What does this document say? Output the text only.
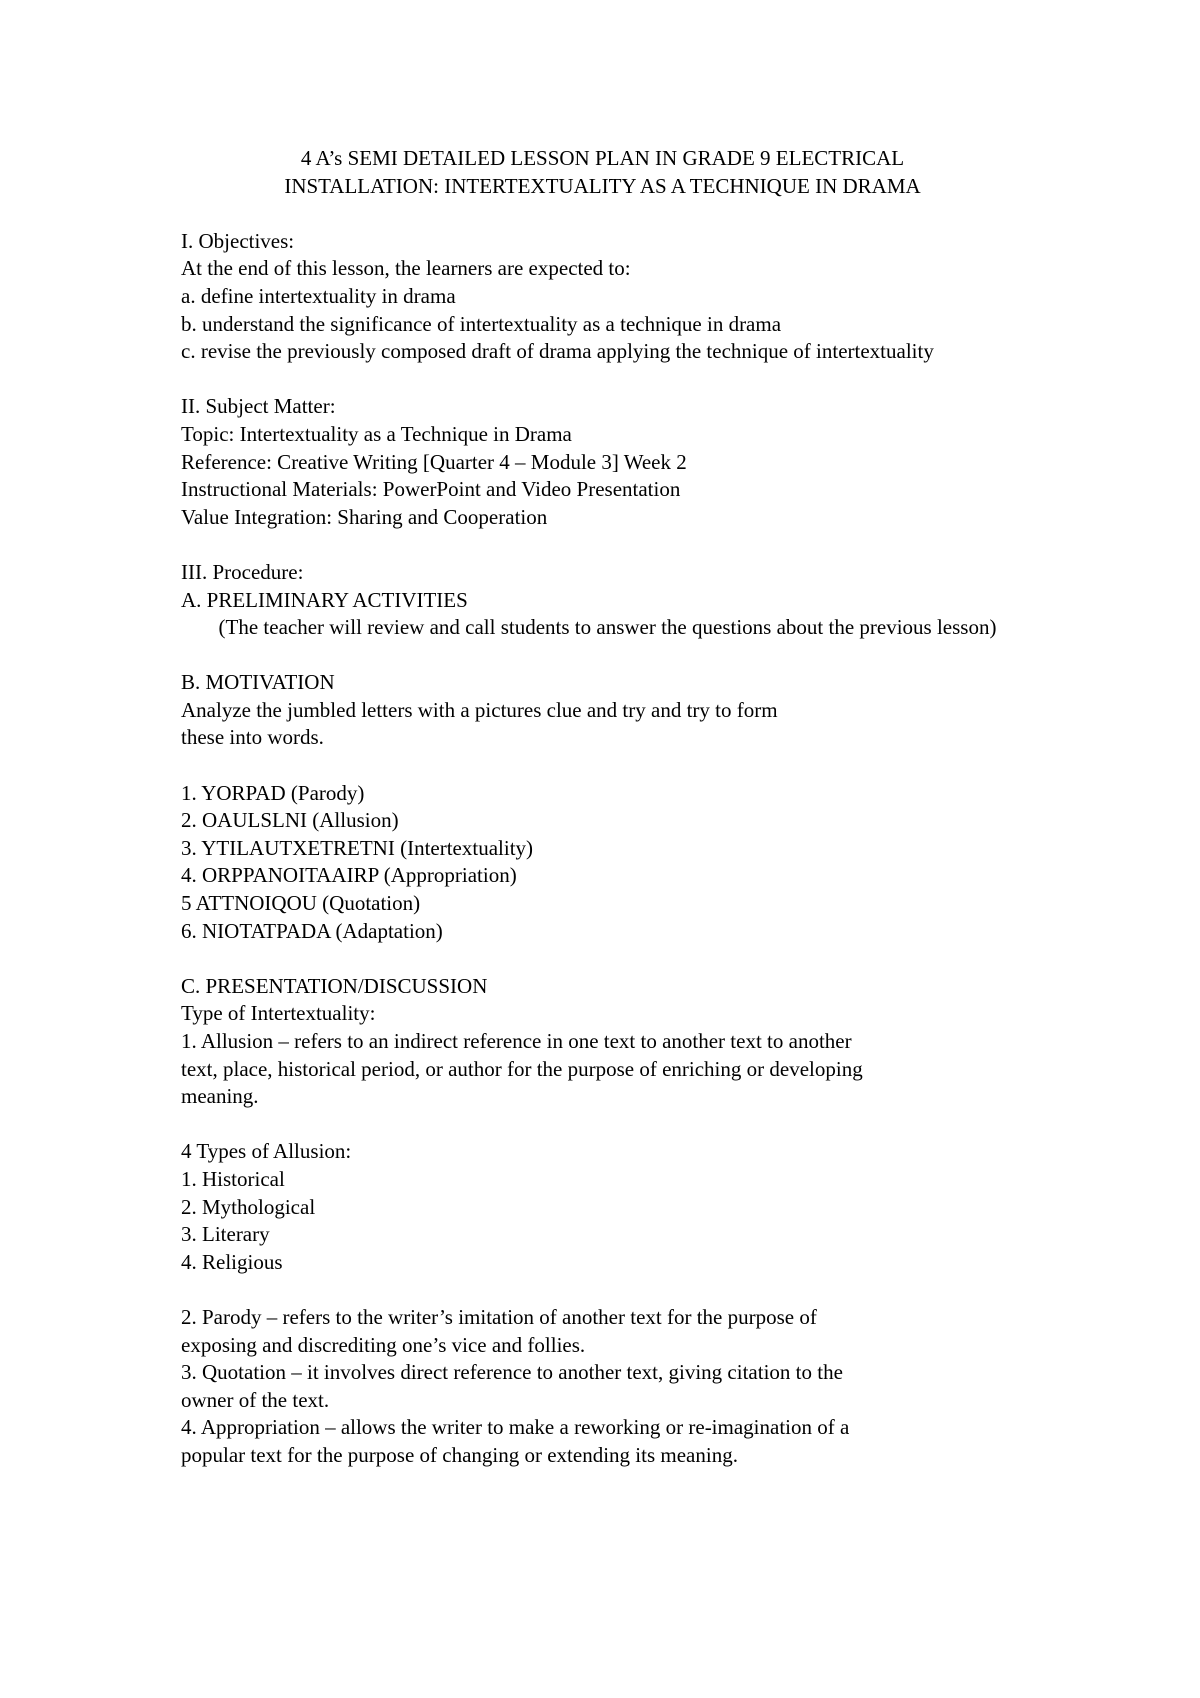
4 A’s SEMI DETAILED LESSON PLAN IN GRADE 9 ELECTRICAL
INSTALLATION: INTERTEXTUALITY AS A TECHNIQUE IN DRAMA
I. Objectives:
At the end of this lesson, the learners are expected to:
a. define intertextuality in drama
b. understand the significance of intertextuality as a technique in drama
c. revise the previously composed draft of drama applying the technique of intertextuality
II. Subject Matter:
Topic: Intertextuality as a Technique in Drama
Reference: Creative Writing [Quarter 4 – Module 3] Week 2
Instructional Materials: PowerPoint and Video Presentation
Value Integration: Sharing and Cooperation
III. Procedure:
A. PRELIMINARY ACTIVITIES
(The teacher will review and call students to answer the questions about the previous lesson)
B. MOTIVATION
Analyze the jumbled letters with a pictures clue and try and try to form
these into words.
1. YORPAD (Parody)
2. OAULSLNI (Allusion)
3. YTILAUTXETRETNI (Intertextuality)
4. ORPPANOITAAIRP (Appropriation)
5 ATTNOIQOU (Quotation)
6. NIOTATPADA (Adaptation)
C. PRESENTATION/DISCUSSION
Type of Intertextuality:
1. Allusion – refers to an indirect reference in one text to another text to another
text, place, historical period, or author for the purpose of enriching or developing
meaning.
4 Types of Allusion:
1. Historical
2. Mythological
3. Literary
4. Religious
2. Parody – refers to the writer’s imitation of another text for the purpose of
exposing and discrediting one’s vice and follies.
3. Quotation – it involves direct reference to another text, giving citation to the
owner of the text.
4. Appropriation – allows the writer to make a reworking or re-imagination of a
popular text for the purpose of changing or extending its meaning.
